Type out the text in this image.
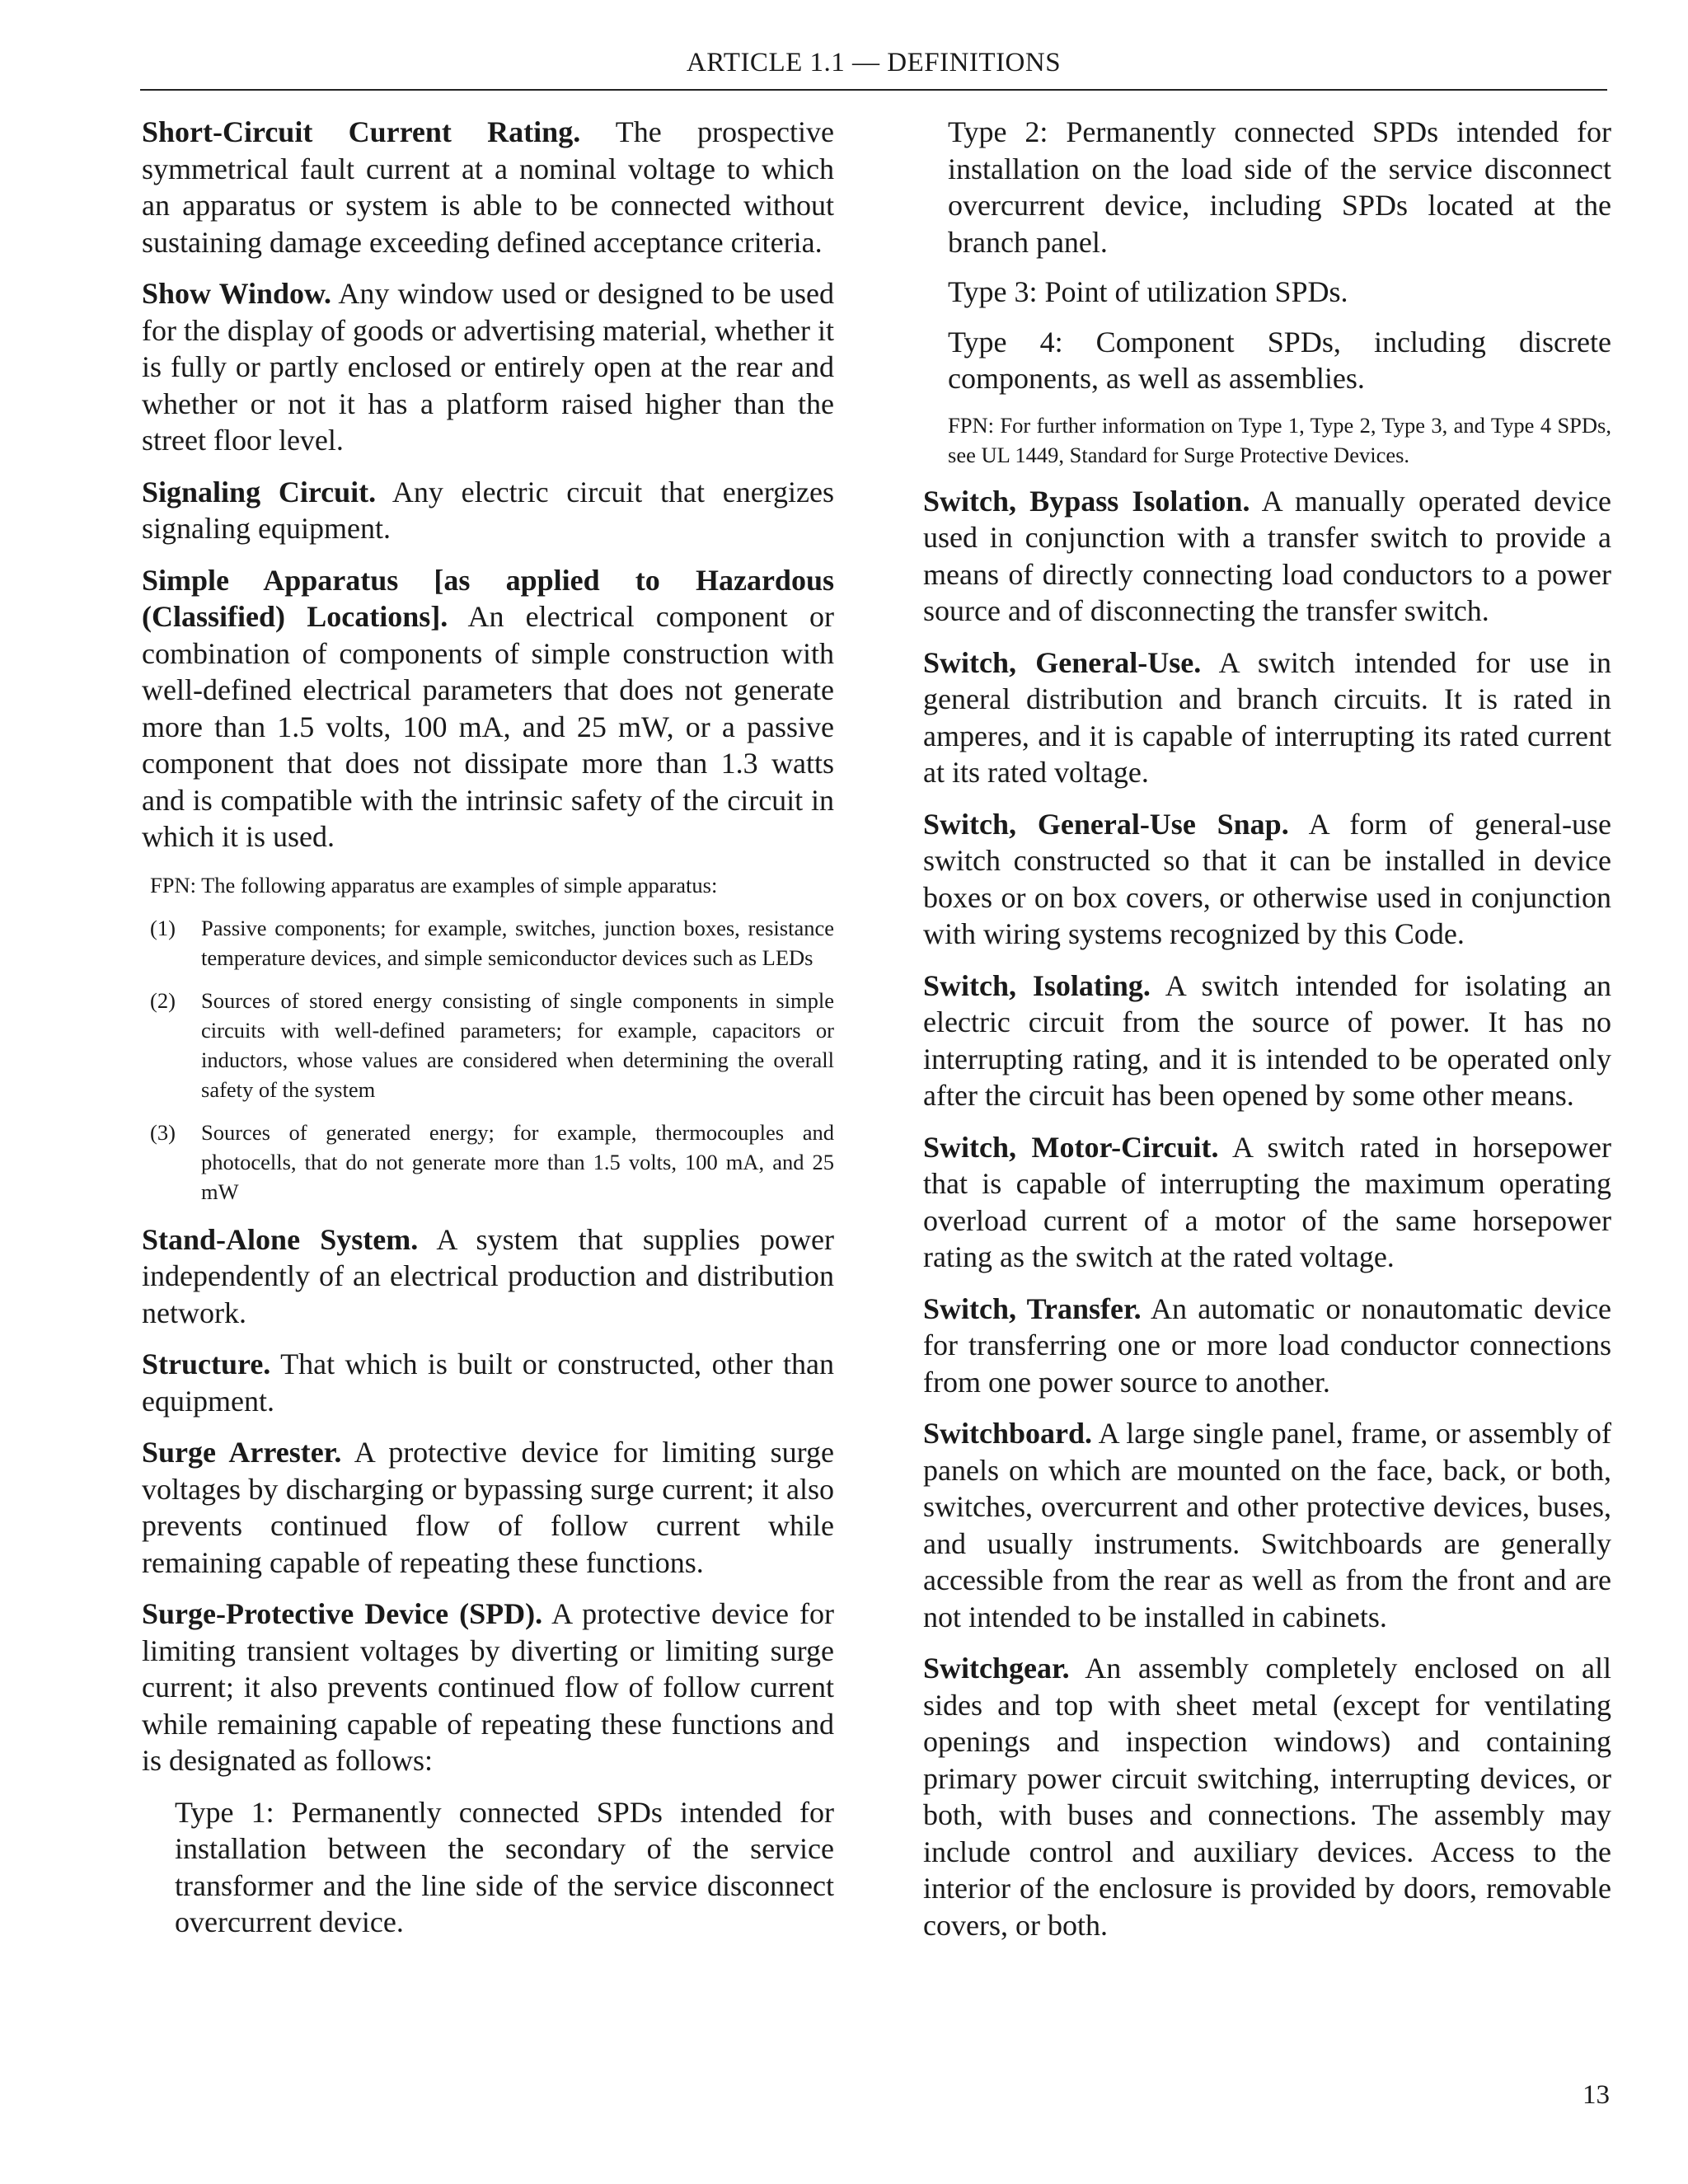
ARTICLE 1.1 — DEFINITIONS

Short-Circuit Current Rating. The prospective symmetrical fault current at a nominal voltage to which an apparatus or system is able to be connected without sustaining damage exceeding defined acceptance criteria.

Show Window. Any window used or designed to be used for the display of goods or advertising material, whether it is fully or partly enclosed or entirely open at the rear and whether or not it has a platform raised higher than the street floor level.

Signaling Circuit. Any electric circuit that energizes signaling equipment.

Simple Apparatus [as applied to Hazardous (Classified) Locations]. An electrical component or combination of components of simple construction with well-defined electrical parameters that does not generate more than 1.5 volts, 100 mA, and 25 mW, or a passive component that does not dissipate more than 1.3 watts and is compatible with the intrinsic safety of the circuit in which it is used.

FPN: The following apparatus are examples of simple apparatus:

(1)	Passive components; for example, switches, junction boxes, resistance temperature devices, and simple semiconductor devices such as LEDs
(2)	Sources of stored energy consisting of single components in simple circuits with well-defined parameters; for example, capacitors or inductors, whose values are considered when determining the overall safety of the system
(3)	Sources of generated energy; for example, thermocouples and photocells, that do not generate more than 1.5 volts, 100 mA, and 25 mW

Stand-Alone System. A system that supplies power independently of an electrical production and distribution network.

Structure. That which is built or constructed, other than equipment.

Surge Arrester. A protective device for limiting surge voltages by discharging or bypassing surge current; it also prevents continued flow of follow current while remaining capable of repeating these functions.

Surge-Protective Device (SPD). A protective device for limiting transient voltages by diverting or limiting surge current; it also prevents continued flow of follow current while remaining capable of repeating these functions and is designated as follows:

Type 1: Permanently connected SPDs intended for installation between the secondary of the service transformer and the line side of the service disconnect overcurrent device.

Type 2: Permanently connected SPDs intended for installation on the load side of the service disconnect overcurrent device, including SPDs located at the branch panel.

Type 3: Point of utilization SPDs.

Type 4: Component SPDs, including discrete components, as well as assemblies.

FPN: For further information on Type 1, Type 2, Type 3, and Type 4 SPDs, see UL 1449, Standard for Surge Protective Devices.

Switch, Bypass Isolation. A manually operated device used in conjunction with a transfer switch to provide a means of directly connecting load conductors to a power source and of disconnecting the transfer switch.

Switch, General-Use. A switch intended for use in general distribution and branch circuits. It is rated in amperes, and it is capable of interrupting its rated current at its rated voltage.

Switch, General-Use Snap. A form of general-use switch constructed so that it can be installed in device boxes or on box covers, or otherwise used in conjunction with wiring systems recognized by this Code.

Switch, Isolating. A switch intended for isolating an electric circuit from the source of power. It has no interrupting rating, and it is intended to be operated only after the circuit has been opened by some other means.

Switch, Motor-Circuit. A switch rated in horsepower that is capable of interrupting the maximum operating overload current of a motor of the same horsepower rating as the switch at the rated voltage.

Switch, Transfer. An automatic or nonautomatic device for transferring one or more load conductor connections from one power source to another.

Switchboard. A large single panel, frame, or assembly of panels on which are mounted on the face, back, or both, switches, overcurrent and other protective devices, buses, and usually instruments. Switchboards are generally accessible from the rear as well as from the front and are not intended to be installed in cabinets.

Switchgear. An assembly completely enclosed on all sides and top with sheet metal (except for ventilating openings and inspection windows) and containing primary power circuit switching, interrupting devices, or both, with buses and connections. The assembly may include control and auxiliary devices. Access to the interior of the enclosure is provided by doors, removable covers, or both.

13
